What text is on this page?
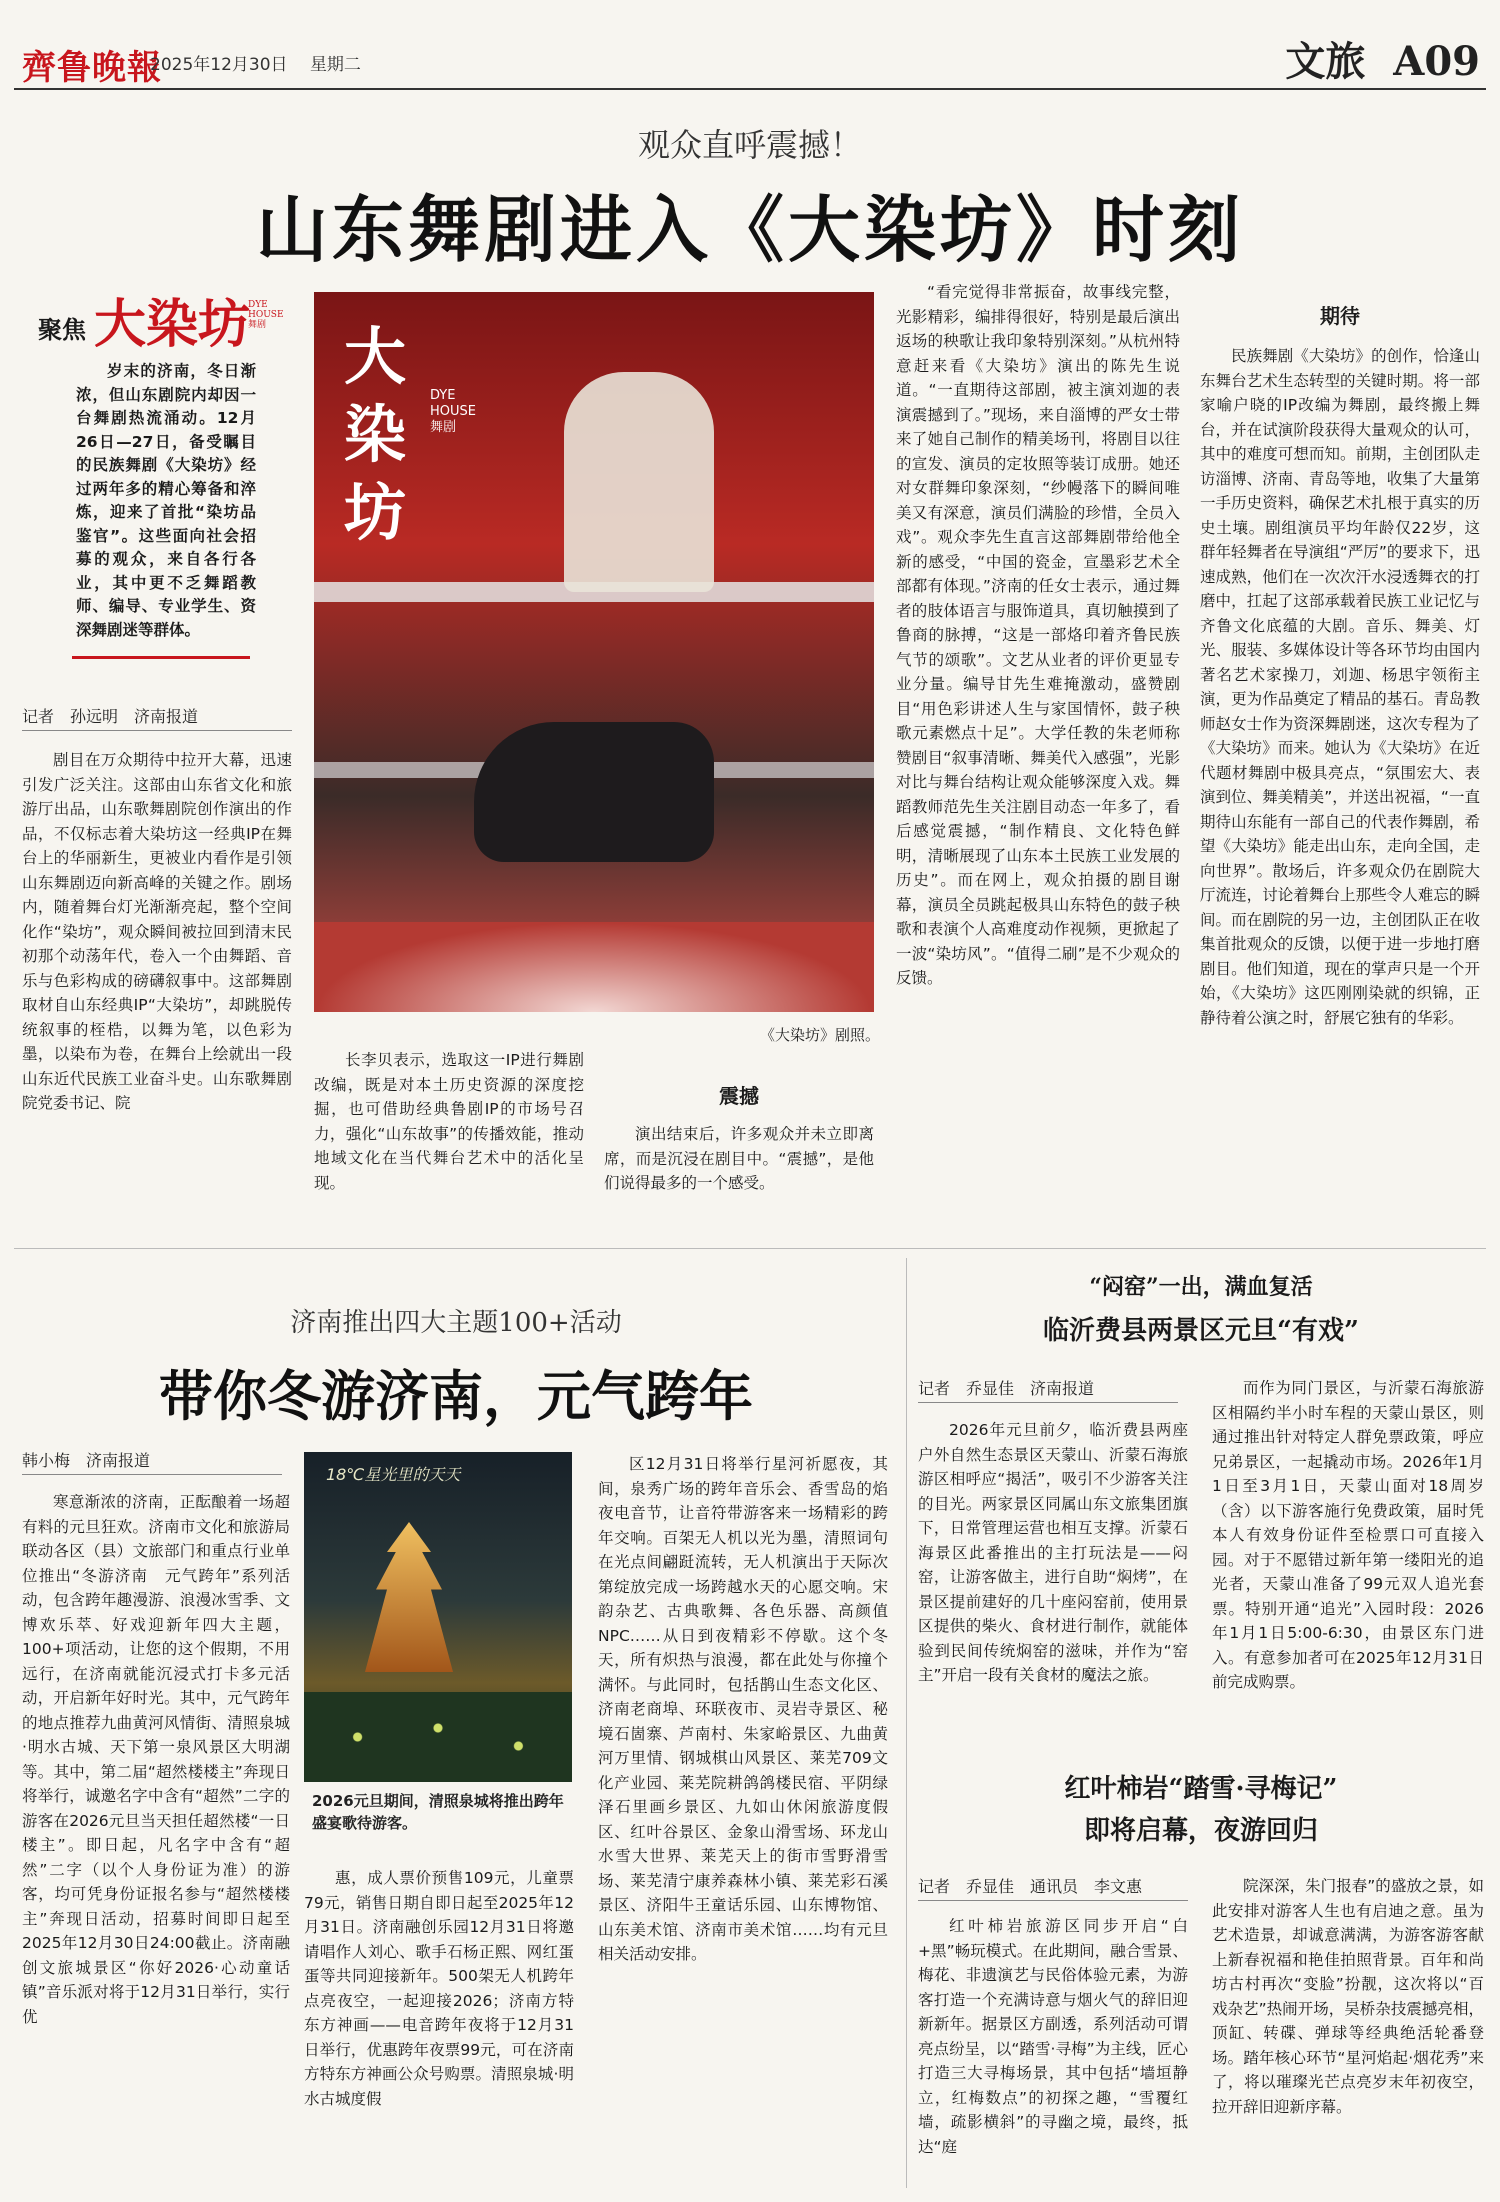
齊鲁晚報
2025年12月30日　 星期二	文旅 A09
观众直呼震撼！
山东舞剧进入《大染坊》时刻
聚焦 大染坊
DYE
HOUSE
舞剧

岁末的济南，冬日渐浓，但山东剧院内却因一台舞剧热流涌动。12月26日—27日，备受瞩目的民族舞剧《大染坊》经过两年多的精心筹备和淬炼，迎来了首批“染坊品鉴官”。这些面向社会招募的观众，来自各行各业，其中更不乏舞蹈教师、编导、专业学生、资深舞剧迷等群体。

记者　孙远明　济南报道

剧目在万众期待中拉开大幕，迅速引发广泛关注。这部由山东省文化和旅游厅出品，山东歌舞剧院创作演出的作品，不仅标志着大染坊这一经典IP在舞台上的华丽新生，更被业内看作是引领山东舞剧迈向新高峰的关键之作。剧场内，随着舞台灯光渐渐亮起，整个空间化作“染坊”，观众瞬间被拉回到清末民初那个动荡年代，卷入一个由舞蹈、音乐与色彩构成的磅礴叙事中。这部舞剧取材自山东经典IP“大染坊”，却跳脱传统叙事的桎梏，以舞为笔，以色彩为墨，以染布为卷，在舞台上绘就出一段山东近代民族工业奋斗史。山东歌舞剧院党委书记、院

大染坊
DYE
HOUSE
舞剧
《大染坊》剧照。

长李贝表示，选取这一IP进行舞剧改编，既是对本土历史资源的深度挖掘，也可借助经典鲁剧IP的市场号召力，强化“山东故事”的传播效能，推动地域文化在当代舞台艺术中的活化呈现。

震撼

演出结束后，许多观众并未立即离席，而是沉浸在剧目中。“震撼”，是他们说得最多的一个感受。

“看完觉得非常振奋，故事线完整，光影精彩，编排得很好，特别是最后演出返场的秧歌让我印象特别深刻。”从杭州特意赶来看《大染坊》演出的陈先生说道。“一直期待这部剧，被主演刘迦的表演震撼到了。”现场，来自淄博的严女士带来了她自己制作的精美场刊，将剧目以往的宣发、演员的定妆照等装订成册。她还对女群舞印象深刻，“纱幔落下的瞬间唯美又有深意，演员们满脸的珍惜，全员入戏”。观众李先生直言这部舞剧带给他全新的感受，“中国的瓷金，宣墨彩艺术全部都有体现。”济南的任女士表示，通过舞者的肢体语言与服饰道具，真切触摸到了鲁商的脉搏，“这是一部烙印着齐鲁民族气节的颂歌”。文艺从业者的评价更显专业分量。编导甘先生难掩激动，盛赞剧目“用色彩讲述人生与家国情怀，鼓子秧歌元素燃点十足”。大学任教的朱老师称赞剧目“叙事清晰、舞美代入感强”，光影对比与舞台结构让观众能够深度入戏。舞蹈教师范先生关注剧目动态一年多了，看后感觉震撼，“制作精良、文化特色鲜明，清晰展现了山东本土民族工业发展的历史”。而在网上，观众拍摄的剧目谢幕，演员全员跳起极具山东特色的鼓子秧歌和表演个人高难度动作视频，更掀起了一波“染坊风”。“值得二刷”是不少观众的反馈。

期待

民族舞剧《大染坊》的创作，恰逢山东舞台艺术生态转型的关键时期。将一部家喻户晓的IP改编为舞剧，最终搬上舞台，并在试演阶段获得大量观众的认可，其中的难度可想而知。前期，主创团队走访淄博、济南、青岛等地，收集了大量第一手历史资料，确保艺术扎根于真实的历史土壤。剧组演员平均年龄仅22岁，这群年轻舞者在导演组“严厉”的要求下，迅速成熟，他们在一次次汗水浸透舞衣的打磨中，扛起了这部承载着民族工业记忆与齐鲁文化底蕴的大剧。音乐、舞美、灯光、服装、多媒体设计等各环节均由国内著名艺术家操刀，刘迦、杨思宇领衔主演，更为作品奠定了精品的基石。青岛教师赵女士作为资深舞剧迷，这次专程为了《大染坊》而来。她认为《大染坊》在近代题材舞剧中极具亮点，“氛围宏大、表演到位、舞美精美”，并送出祝福，“一直期待山东能有一部自己的代表作舞剧，希望《大染坊》能走出山东，走向全国，走向世界”。散场后，许多观众仍在剧院大厅流连，讨论着舞台上那些令人难忘的瞬间。而在剧院的另一边，主创团队正在收集首批观众的反馈，以便于进一步地打磨剧目。他们知道，现在的掌声只是一个开始，《大染坊》这匹刚刚染就的织锦，正静待着公演之时，舒展它独有的华彩。

济南推出四大主题100+活动
带你冬游济南，元气跨年
韩小梅　济南报道

寒意渐浓的济南，正酝酿着一场超有料的元旦狂欢。济南市文化和旅游局联动各区（县）文旅部门和重点行业单位推出“冬游济南　元气跨年”系列活动，包含跨年趣漫游、浪漫冰雪季、文博欢乐萃、好戏迎新年四大主题，100+项活动，让您的这个假期，不用远行，在济南就能沉浸式打卡多元活动，开启新年好时光。其中，元气跨年的地点推荐九曲黄河风情街、清照泉城·明水古城、天下第一泉风景区大明湖等。其中，第二届“超然楼楼主”奔现日将举行，诚邀名字中含有“超然”二字的游客在2026元旦当天担任超然楼“一日楼主”。即日起，凡名字中含有“超然”二字（以个人身份证为准）的游客，均可凭身份证报名参与“超然楼楼主”奔现日活动，招募时间即日起至2025年12月30日24:00截止。济南融创文旅城景区“你好2026·心动童话镇”音乐派对将于12月31日举行，实行优

18℃星光里的天天
2026元旦期间，清照泉城将推出跨年盛宴歌待游客。

惠，成人票价预售109元，儿童票79元，销售日期自即日起至2025年12月31日。济南融创乐园12月31日将邀请唱作人刘心、歌手石杨正熙、网红蛋蛋等共同迎接新年。500架无人机跨年点亮夜空，一起迎接2026；济南方特东方神画——电音跨年夜将于12月31日举行，优惠跨年夜票99元，可在济南方特东方神画公众号购票。清照泉城·明水古城度假

区12月31日将举行星河祈愿夜，其间，泉秀广场的跨年音乐会、香雪岛的焰夜电音节，让音符带游客来一场精彩的跨年交响。百架无人机以光为墨，清照词句在光点间翩跹流转，无人机演出于天际次第绽放完成一场跨越水天的心愿交响。宋韵杂艺、古典歌舞、各色乐器、高颜值NPC……从日到夜精彩不停歇。这个冬天，所有炽热与浪漫，都在此处与你撞个满怀。与此同时，包括鹊山生态文化区、济南老商埠、环联夜市、灵岩寺景区、秘境石崮寨、芦南村、朱家峪景区、九曲黄河万里情、钢城棋山风景区、莱芜709文化产业园、莱芜院耕鸽鸽楼民宿、平阴绿泽石里画乡景区、九如山休闲旅游度假区、红叶谷景区、金象山滑雪场、环龙山水雪大世界、莱芜天上的街市雪野滑雪场、莱芜清宁康养森林小镇、莱芜彩石溪景区、济阳牛王童话乐园、山东博物馆、山东美术馆、济南市美术馆……均有元旦相关活动安排。

“闷窑”一出，满血复活
临沂费县两景区元旦“有戏”
记者　乔显佳　济南报道

2026年元旦前夕，临沂费县两座户外自然生态景区天蒙山、沂蒙石海旅游区相呼应“揭活”，吸引不少游客关注的目光。两家景区同属山东文旅集团旗下，日常管理运营也相互支撑。沂蒙石海景区此番推出的主打玩法是——闷窑，让游客做主，进行自助“焖烤”，在景区提前建好的几十座闷窑前，使用景区提供的柴火、食材进行制作，就能体验到民间传统焖窑的滋味，并作为“窑主”开启一段有关食材的魔法之旅。

而作为同门景区，与沂蒙石海旅游区相隔约半小时车程的天蒙山景区，则通过推出针对特定人群免票政策，呼应兄弟景区，一起撬动市场。2026年1月1日至3月1日，天蒙山面对18周岁（含）以下游客施行免费政策，届时凭本人有效身份证件至检票口可直接入园。对于不愿错过新年第一缕阳光的追光者，天蒙山准备了99元双人追光套票。特别开通“追光”入园时段：2026年1月1日5:00-6:30，由景区东门进入。有意参加者可在2025年12月31日前完成购票。

红叶柿岩“踏雪·寻梅记”
即将启幕，夜游回归
记者　乔显佳　通讯员　李文惠

红叶柿岩旅游区同步开启“白+黑”畅玩模式。在此期间，融合雪景、梅花、非遗演艺与民俗体验元素，为游客打造一个充满诗意与烟火气的辞旧迎新新年。据景区方副透，系列活动可谓亮点纷呈，以“踏雪·寻梅”为主线，匠心打造三大寻梅场景，其中包括“墙垣静立，红梅数点”的初探之趣，“雪覆红墙，疏影横斜”的寻幽之境，最终，抵达“庭

院深深，朱门报春”的盛放之景，如此安排对游客人生也有启迪之意。虽为艺术造景，却诚意满满，为游客游客献上新春祝福和艳佳拍照背景。百年和尚坊古村再次“变脸”扮靓，这次将以“百戏杂艺”热闹开场，吴桥杂技震撼亮相，顶缸、转碟、弹球等经典绝活轮番登场。踏年核心环节“星河焰起·烟花秀”来了，将以璀璨光芒点亮岁末年初夜空，拉开辞旧迎新序幕。
